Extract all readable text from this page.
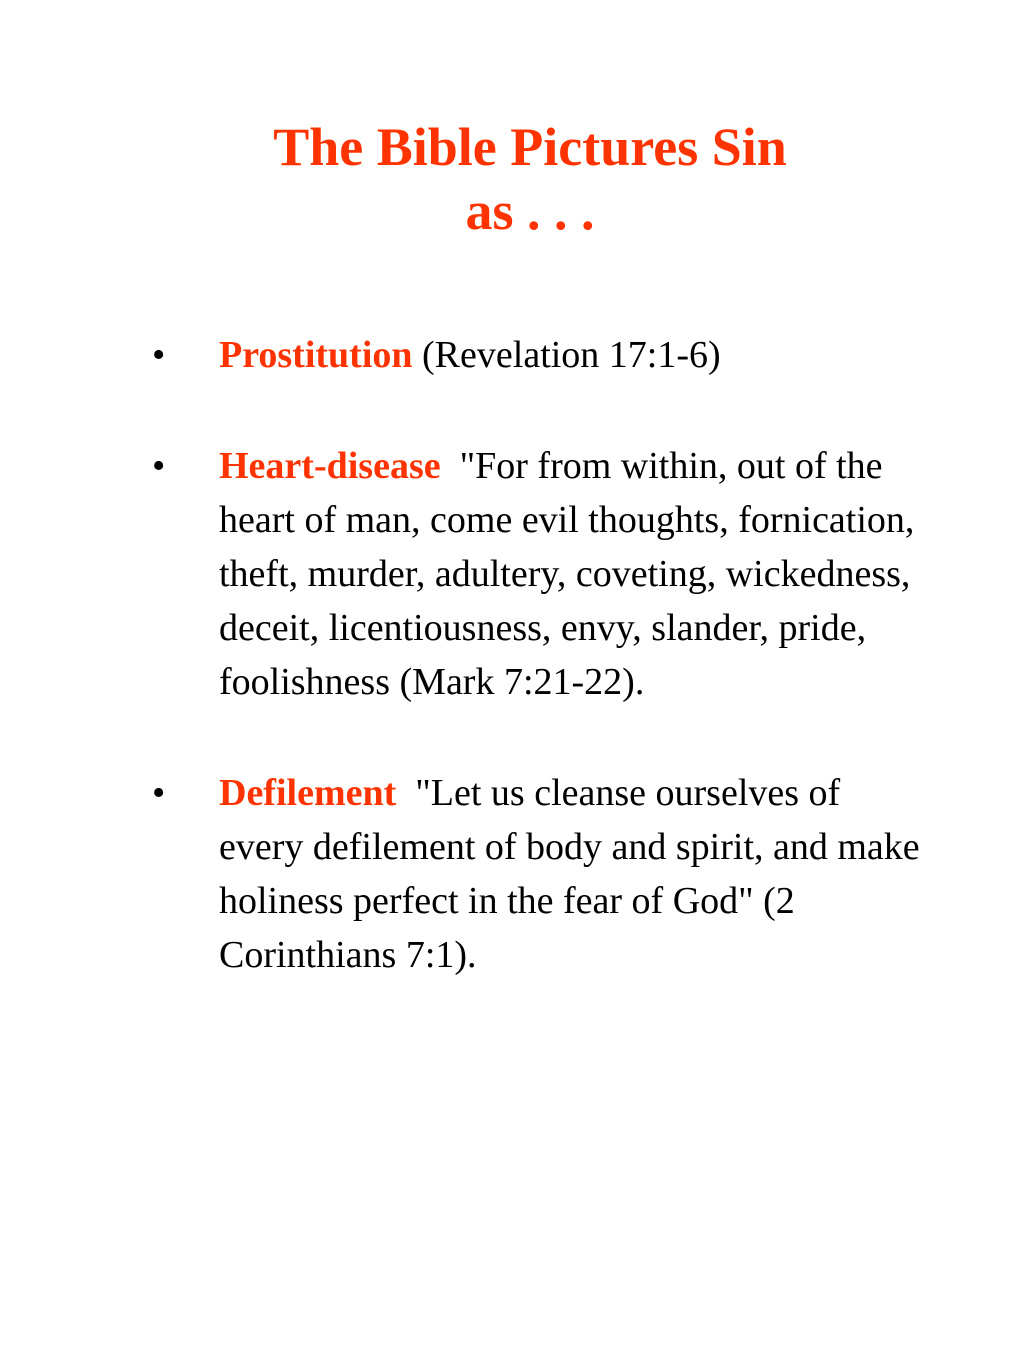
The Bible Pictures Sin
as . . .
•	Prostitution (Revelation 17:1-6)
•	Heart-disease  "For from within, out of the heart of man, come evil thoughts, fornication, theft, murder, adultery, coveting, wickedness, deceit, licentiousness, envy, slander, pride, foolishness (Mark 7:21-22).
•	Defilement  "Let us cleanse ourselves of every defilement of body and spirit, and make holiness perfect in the fear of God" (2 Corinthians 7:1).
